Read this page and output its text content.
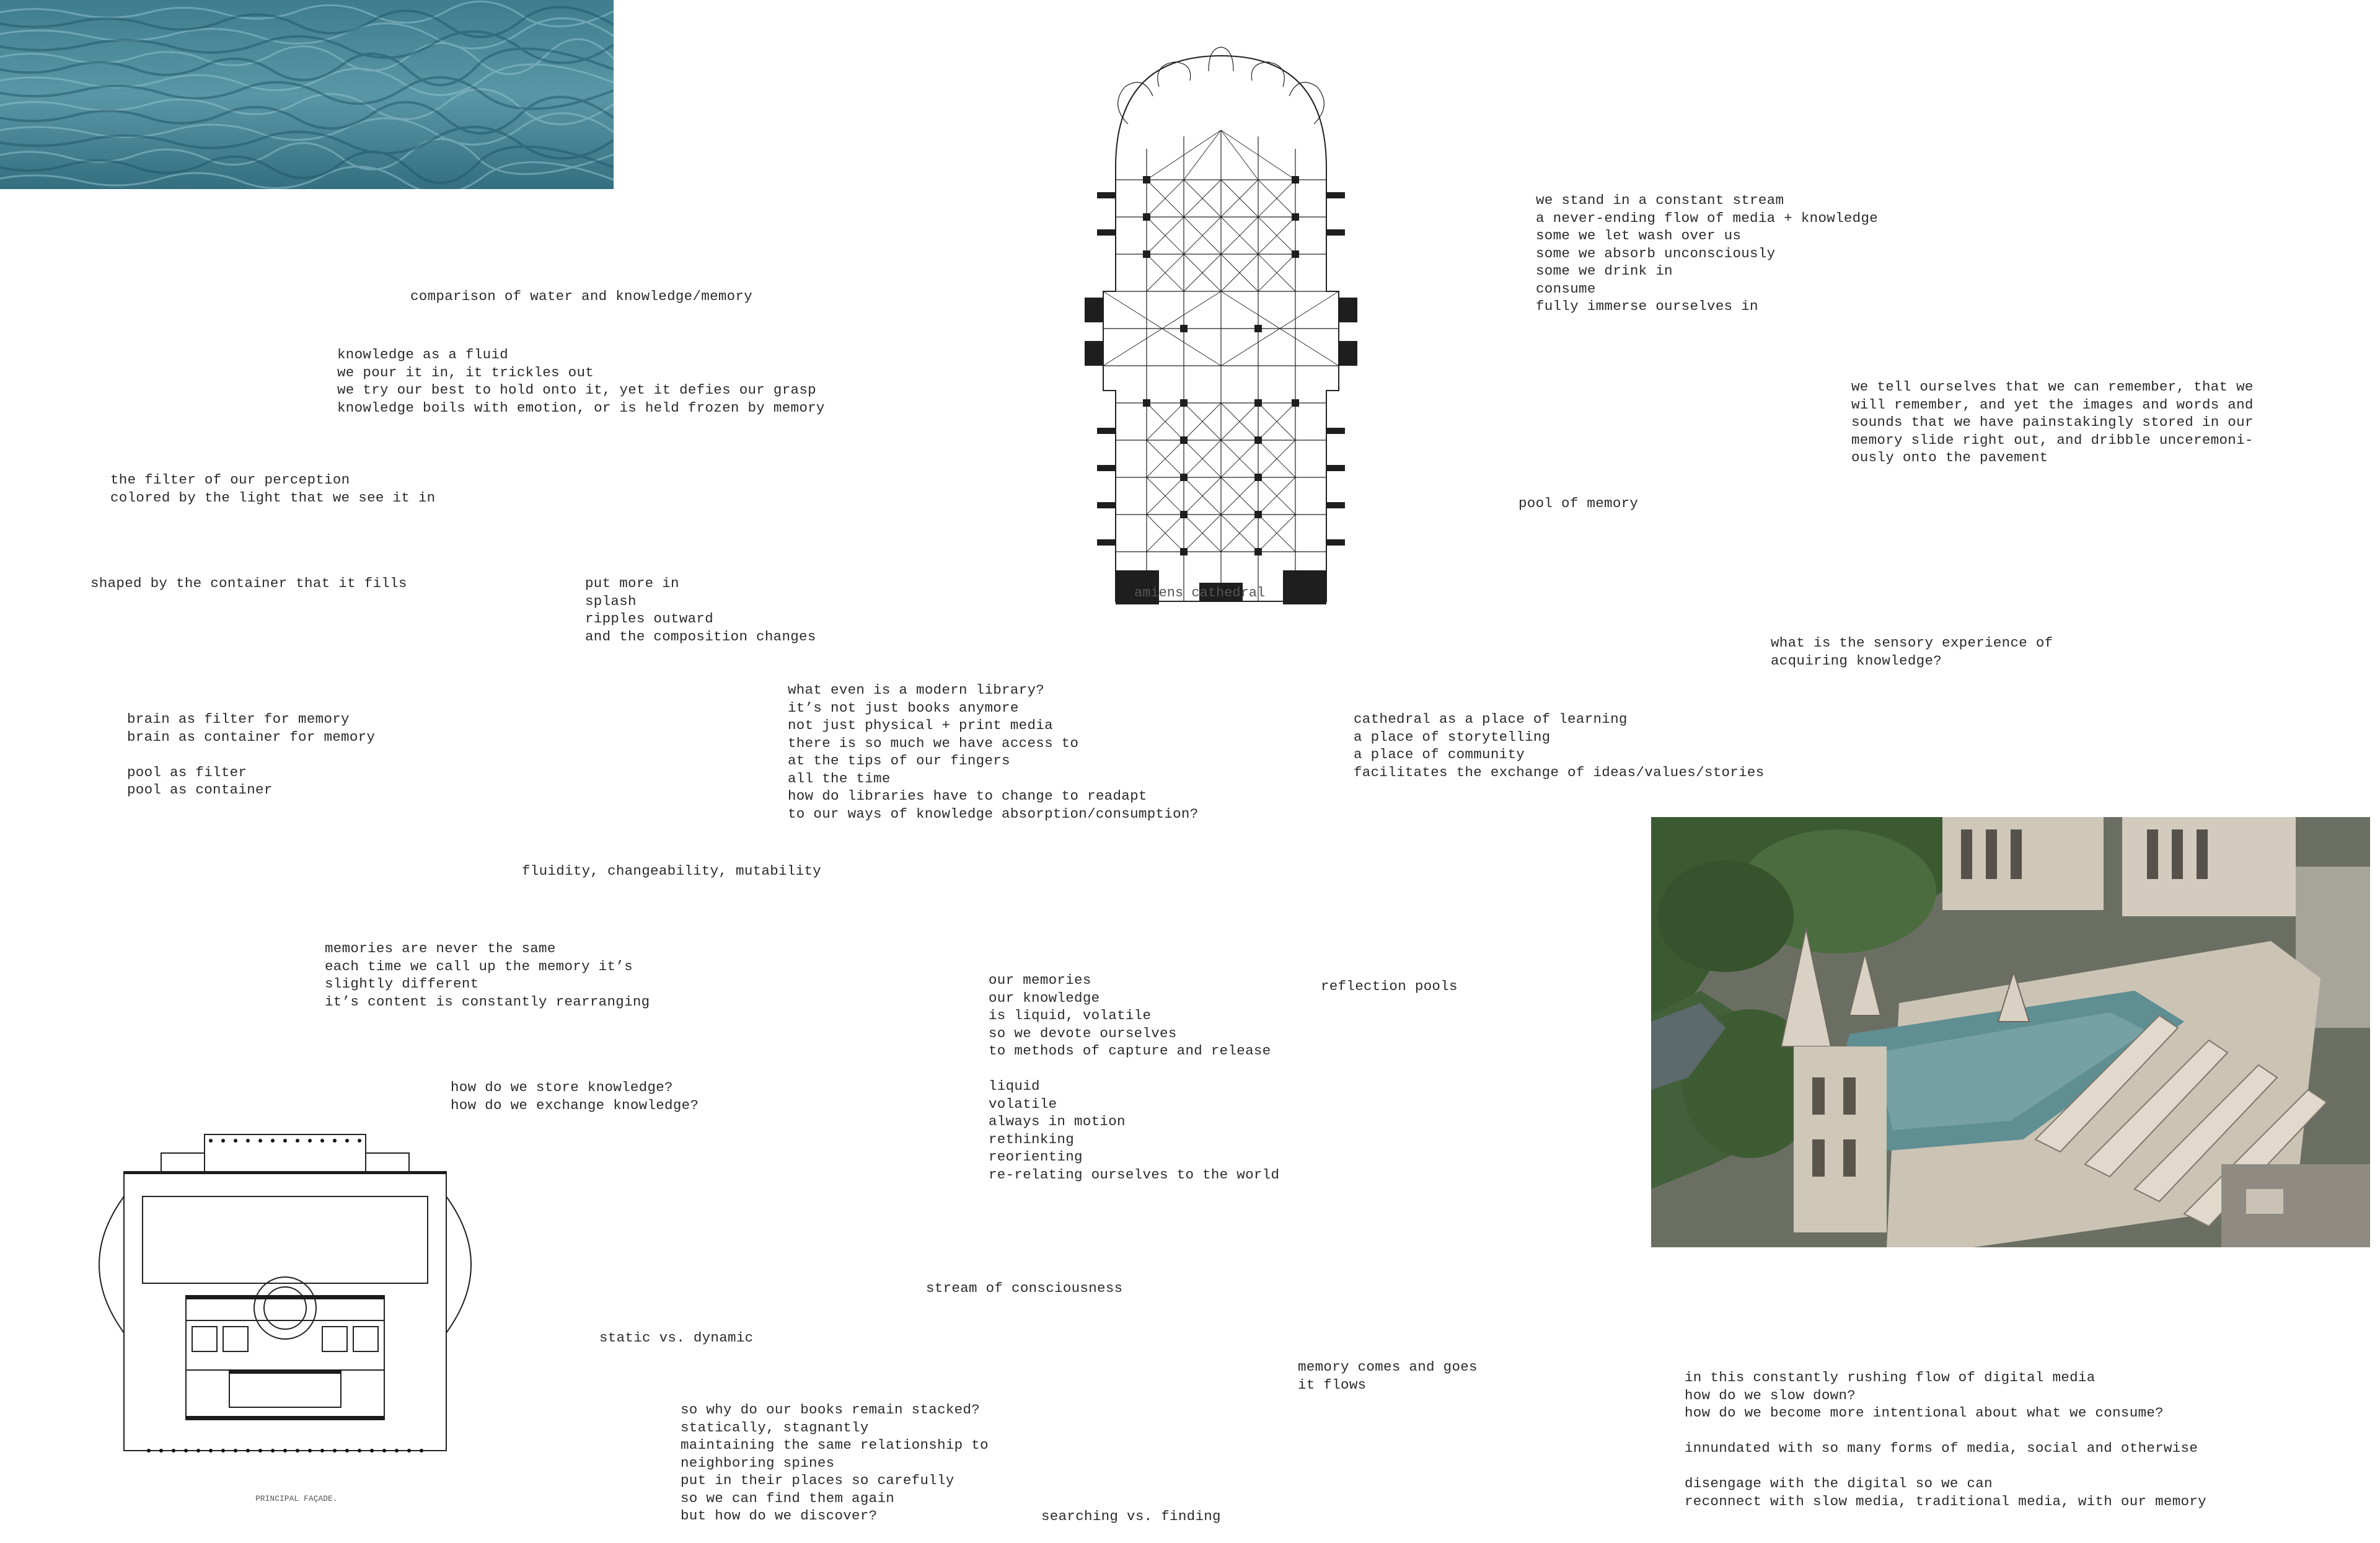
amiens cathedral
PRINCIPAL FAÇADE.

comparison of water and knowledge/memory

knowledge as a fluid
we pour it in, it trickles out
we try our best to hold onto it, yet it defies our grasp
knowledge boils with emotion, or is held frozen by memory

the filter of our perception
colored by the light that we see it in

shaped by the container that it fills

	put more in
splash
ripples outward
and the composition changes

brain as filter for memory
brain as container for memory
pool as filter
pool as container

what even is a modern library?
it’s not just books anymore
not just physical + print media
there is so much we have access to
at the tips of our fingers
all the time
how do libraries have to change to readapt
to our ways of knowledge absorption/consumption?

fluidity, changeability, mutability

memories are never the same
each time we call up the memory it’s
slightly different
it’s content is constantly rearranging

how do we store knowledge?
how do we exchange knowledge?

our memories
our knowledge
is liquid, volatile
so we devote ourselves
to methods of capture and release
liquid
volatile
always in motion
rethinking
reorienting
re-relating ourselves to the world

reflection pools

stream of consciousness

static vs. dynamic

memory comes and goes
it flows

so why do our books remain stacked?
statically, stagnantly
maintaining the same relationship to
neighboring spines
put in their places so carefully
so we can find them again
but how do we discover?

	searching vs. finding

we stand in a constant stream
a never-ending flow of media + knowledge
some we let wash over us
some we absorb unconsciously
some we drink in
consume
fully immerse ourselves in

we tell ourselves that we can remember, that we
will remember, and yet the images and words and
sounds that we have painstakingly stored in our
memory slide right out, and dribble unceremoni-
ously onto the pavement

pool of memory

what is the sensory experience of
acquiring knowledge?

cathedral as a place of learning
a place of storytelling
a place of community
facilitates the exchange of ideas/values/stories

in this constantly rushing flow of digital media
how do we slow down?
how do we become more intentional about what we consume?
innundated with so many forms of media, social and otherwise
disengage with the digital so we can
reconnect with slow media, traditional media, with our memory
